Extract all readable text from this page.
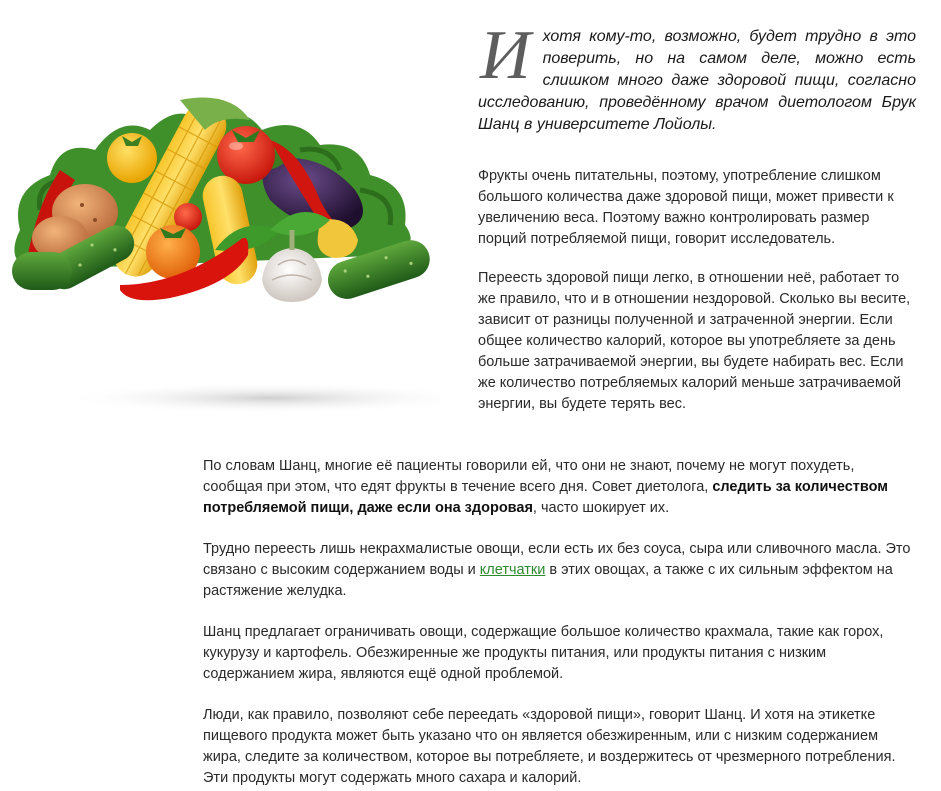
Ихотя кому-то, возможно, будет трудно в это поверить, но на самом деле, можно есть слишком много даже здоровой пищи, согласно исследованию, проведённому врачом диетологом Брук Шанц в университете Лойолы.

Фрукты очень питательны, поэтому, употребление слишком большого количества даже здоровой пищи, может привести к увеличению веса. Поэтому важно контролировать размер порций потребляемой пищи, говорит исследователь.

Переесть здоровой пищи легко, в отношении неё, работает то же правило, что и в отношении нездоровой. Сколько вы весите, зависит от разницы полученной и затраченной энергии. Если общее количество калорий, которое вы употребляете за день больше затрачиваемой энергии, вы будете набирать вес. Если же количество потребляемых калорий меньше затрачиваемой энергии, вы будете терять вес.

По словам Шанц, многие её пациенты говорили ей, что они не знают, почему не могут похудеть, сообщая при этом, что едят фрукты в течение всего дня. Совет диетолога, следить за количеством потребляемой пищи, даже если она здоровая, часто шокирует их.

Трудно переесть лишь некрахмалистые овощи, если есть их без соуса, сыра или сливочного масла. Это связано с высоким содержанием воды и клетчатки в этих овощах, а также с их сильным эффектом на растяжение желудка.

Шанц предлагает ограничивать овощи, содержащие большое количество крахмала, такие как горох, кукурузу и картофель. Обезжиренные же продукты питания, или продукты питания с низким содержанием жира, являются ещё одной проблемой.

Люди, как правило, позволяют себе переедать «здоровой пищи», говорит Шанц. И хотя на этикетке пищевого продукта может быть указано что он является обезжиренным, или с низким содержанием жира, следите за количеством, которое вы потребляете, и воздержитесь от чрезмерного потребления. Эти продукты могут содержать много сахара и калорий.
